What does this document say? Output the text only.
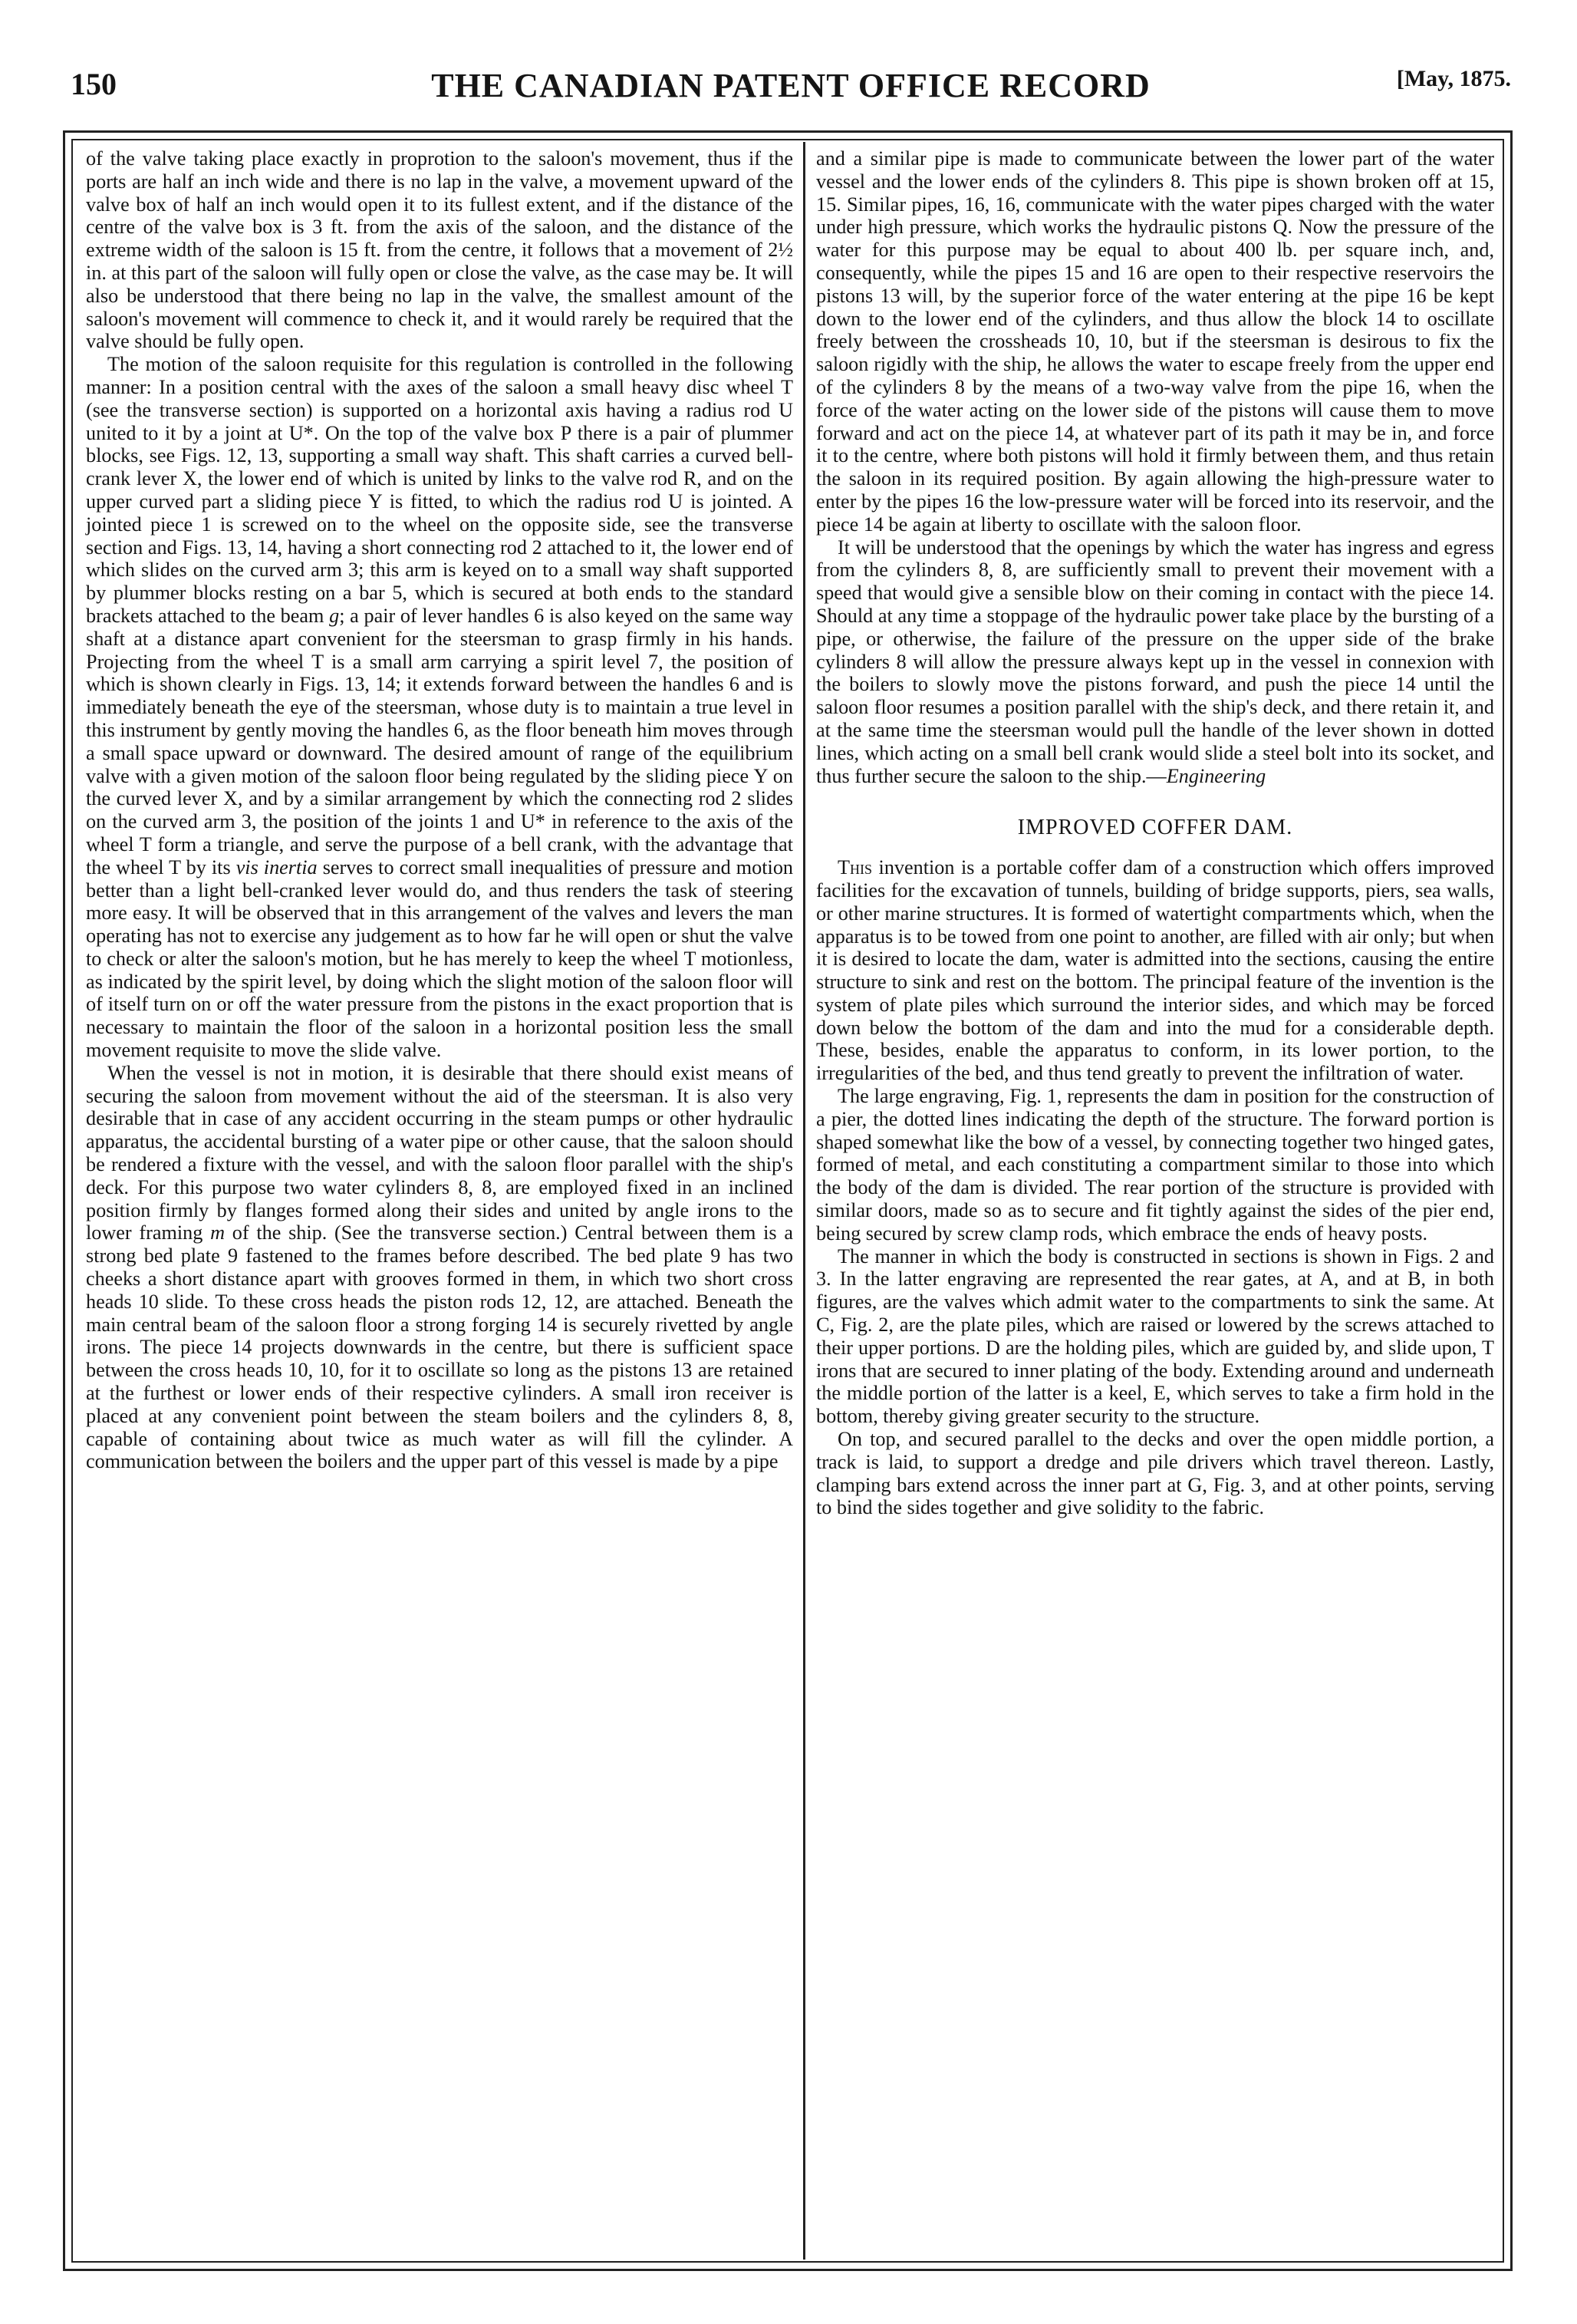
THE CANADIAN PATENT OFFICE RECORD
150	[May, 1875.

of the valve taking place exactly in proprotion to the saloon's movement, thus if the ports are half an inch wide and there is no lap in the valve, a movement upward of the valve box of half an inch would open it to its fullest extent, and if the distance of the centre of the valve box is 3 ft. from the axis of the saloon, and the distance of the extreme width of the saloon is 15 ft. from the centre, it follows that a movement of 2½ in. at this part of the saloon will fully open or close the valve, as the case may be. It will also be understood that there being no lap in the valve, the smallest amount of the saloon's movement will commence to check it, and it would rarely be required that the valve should be fully open.

The motion of the saloon requisite for this regulation is controlled in the following manner: In a position central with the axes of the saloon a small heavy disc wheel T (see the transverse section) is supported on a horizontal axis having a radius rod U united to it by a joint at U*. On the top of the valve box P there is a pair of plummer blocks, see Figs. 12, 13, supporting a small way shaft. This shaft carries a curved bell-crank lever X, the lower end of which is united by links to the valve rod R, and on the upper curved part a sliding piece Y is fitted, to which the radius rod U is jointed. A jointed piece 1 is screwed on to the wheel on the opposite side, see the transverse section and Figs. 13, 14, having a short connecting rod 2 attached to it, the lower end of which slides on the curved arm 3; this arm is keyed on to a small way shaft supported by plummer blocks resting on a bar 5, which is secured at both ends to the standard brackets attached to the beam g; a pair of lever handles 6 is also keyed on the same way shaft at a distance apart convenient for the steersman to grasp firmly in his hands. Projecting from the wheel T is a small arm carrying a spirit level 7, the position of which is shown clearly in Figs. 13, 14; it extends forward between the handles 6 and is immediately beneath the eye of the steersman, whose duty is to maintain a true level in this instrument by gently moving the handles 6, as the floor beneath him moves through a small space upward or downward. The desired amount of range of the equilibrium valve with a given motion of the saloon floor being regulated by the sliding piece Y on the curved lever X, and by a similar arrangement by which the connecting rod 2 slides on the curved arm 3, the position of the joints 1 and U* in reference to the axis of the wheel T form a triangle, and serve the purpose of a bell crank, with the advantage that the wheel T by its vis inertia serves to correct small inequalities of pressure and motion better than a light bell-cranked lever would do, and thus renders the task of steering more easy. It will be observed that in this arrangement of the valves and levers the man operating has not to exercise any judgement as to how far he will open or shut the valve to check or alter the saloon's motion, but he has merely to keep the wheel T motionless, as indicated by the spirit level, by doing which the slight motion of the saloon floor will of itself turn on or off the water pressure from the pistons in the exact proportion that is necessary to maintain the floor of the saloon in a horizontal position less the small movement requisite to move the slide valve.

When the vessel is not in motion, it is desirable that there should exist means of securing the saloon from movement without the aid of the steersman. It is also very desirable that in case of any accident occurring in the steam pumps or other hydraulic apparatus, the accidental bursting of a water pipe or other cause, that the saloon should be rendered a fixture with the vessel, and with the saloon floor parallel with the ship's deck. For this purpose two water cylinders 8, 8, are employed fixed in an inclined position firmly by flanges formed along their sides and united by angle irons to the lower framing m of the ship. (See the transverse section.) Central between them is a strong bed plate 9 fastened to the frames before described. The bed plate 9 has two cheeks a short distance apart with grooves formed in them, in which two short cross heads 10 slide. To these cross heads the piston rods 12, 12, are attached. Beneath the main central beam of the saloon floor a strong forging 14 is securely rivetted by angle irons. The piece 14 projects downwards in the centre, but there is sufficient space between the cross heads 10, 10, for it to oscillate so long as the pistons 13 are retained at the furthest or lower ends of their respective cylinders. A small iron receiver is placed at any convenient point between the steam boilers and the cylinders 8, 8, capable of containing about twice as much water as will fill the cylinder. A communication between the boilers and the upper part of this vessel is made by a pipe

and a similar pipe is made to communicate between the lower part of the water vessel and the lower ends of the cylinders 8. This pipe is shown broken off at 15, 15. Similar pipes, 16, 16, communicate with the water pipes charged with the water under high pressure, which works the hydraulic pistons Q. Now the pressure of the water for this purpose may be equal to about 400 lb. per square inch, and, consequently, while the pipes 15 and 16 are open to their respective reservoirs the pistons 13 will, by the superior force of the water entering at the pipe 16 be kept down to the lower end of the cylinders, and thus allow the block 14 to oscillate freely between the crossheads 10, 10, but if the steersman is desirous to fix the saloon rigidly with the ship, he allows the water to escape freely from the upper end of the cylinders 8 by the means of a two-way valve from the pipe 16, when the force of the water acting on the lower side of the pistons will cause them to move forward and act on the piece 14, at whatever part of its path it may be in, and force it to the centre, where both pistons will hold it firmly between them, and thus retain the saloon in its required position. By again allowing the high-pressure water to enter by the pipes 16 the low-pressure water will be forced into its reservoir, and the piece 14 be again at liberty to oscillate with the saloon floor.

It will be understood that the openings by which the water has ingress and egress from the cylinders 8, 8, are sufficiently small to prevent their movement with a speed that would give a sensible blow on their coming in contact with the piece 14. Should at any time a stoppage of the hydraulic power take place by the bursting of a pipe, or otherwise, the failure of the pressure on the upper side of the brake cylinders 8 will allow the pressure always kept up in the vessel in connexion with the boilers to slowly move the pistons forward, and push the piece 14 until the saloon floor resumes a position parallel with the ship's deck, and there retain it, and at the same time the steersman would pull the handle of the lever shown in dotted lines, which acting on a small bell crank would slide a steel bolt into its socket, and thus further secure the saloon to the ship.—Engineering

IMPROVED COFFER DAM.

This invention is a portable coffer dam of a construction which offers improved facilities for the excavation of tunnels, building of bridge supports, piers, sea walls, or other marine structures. It is formed of watertight compartments which, when the apparatus is to be towed from one point to another, are filled with air only; but when it is desired to locate the dam, water is admitted into the sections, causing the entire structure to sink and rest on the bottom. The principal feature of the invention is the system of plate piles which surround the interior sides, and which may be forced down below the bottom of the dam and into the mud for a considerable depth. These, besides, enable the apparatus to conform, in its lower portion, to the irregularities of the bed, and thus tend greatly to prevent the infiltration of water.

The large engraving, Fig. 1, represents the dam in position for the construction of a pier, the dotted lines indicating the depth of the structure. The forward portion is shaped somewhat like the bow of a vessel, by connecting together two hinged gates, formed of metal, and each constituting a compartment similar to those into which the body of the dam is divided. The rear portion of the structure is provided with similar doors, made so as to secure and fit tightly against the sides of the pier end, being secured by screw clamp rods, which embrace the ends of heavy posts.

The manner in which the body is constructed in sections is shown in Figs. 2 and 3. In the latter engraving are represented the rear gates, at A, and at B, in both figures, are the valves which admit water to the compartments to sink the same. At C, Fig. 2, are the plate piles, which are raised or lowered by the screws attached to their upper portions. D are the holding piles, which are guided by, and slide upon, T irons that are secured to inner plating of the body. Extending around and underneath the middle portion of the latter is a keel, E, which serves to take a firm hold in the bottom, thereby giving greater security to the structure.

On top, and secured parallel to the decks and over the open middle portion, a track is laid, to support a dredge and pile drivers which travel thereon. Lastly, clamping bars extend across the inner part at G, Fig. 3, and at other points, serving to bind the sides together and give solidity to the fabric.
